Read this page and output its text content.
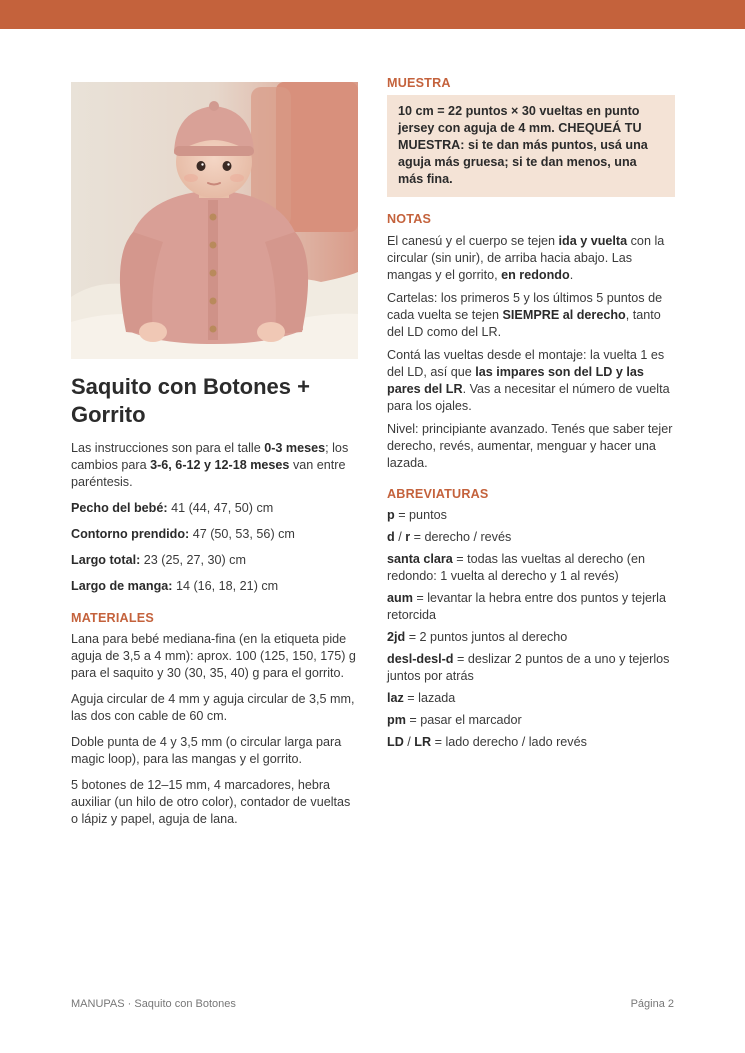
Saquito con Botones + Gorrito

Las instrucciones son para el talle 0-3 meses; los cambios para 3-6, 6-12 y 12-18 meses van entre paréntesis.

Pecho del bebé: 41 (44, 47, 50) cm

Contorno prendido: 47 (50, 53, 56) cm

Largo total: 23 (25, 27, 30) cm

Largo de manga: 14 (16, 18, 21) cm

MATERIALES

Lana para bebé mediana-fina (en la etiqueta pide aguja de 3,5 a 4 mm): aprox. 100 (125, 150, 175) g para el saquito y 30 (30, 35, 40) g para el gorrito.

Aguja circular de 4 mm y aguja circular de 3,5 mm, las dos con cable de 60 cm.

Doble punta de 4 y 3,5 mm (o circular larga para magic loop), para las mangas y el gorrito.

5 botones de 12–15 mm, 4 marcadores, hebra auxiliar (un hilo de otro color), contador de vueltas o lápiz y papel, aguja de lana.

MUESTRA
10 cm = 22 puntos × 30 vueltas en punto jersey con aguja de 4 mm. CHEQUEÁ TU MUESTRA: si te dan más puntos, usá una aguja más gruesa; si te dan menos, una más fina.
NOTAS

El canesú y el cuerpo se tejen ida y vuelta con la circular (sin unir), de arriba hacia abajo. Las mangas y el gorrito, en redondo.

Cartelas: los primeros 5 y los últimos 5 puntos de cada vuelta se tejen SIEMPRE al derecho, tanto del LD como del LR.

Contá las vueltas desde el montaje: la vuelta 1 es del LD, así que las impares son del LD y las pares del LR. Vas a necesitar el número de vuelta para los ojales.

Nivel: principiante avanzado. Tenés que saber tejer derecho, revés, aumentar, menguar y hacer una lazada.

ABREVIATURAS

p = puntos

d / r = derecho / revés

santa clara = todas las vueltas al derecho (en redondo: 1 vuelta al derecho y 1 al revés)

aum = levantar la hebra entre dos puntos y tejerla retorcida

2jd = 2 puntos juntos al derecho

desl-desl-d = deslizar 2 puntos de a uno y tejerlos juntos por atrás

laz = lazada

pm = pasar el marcador

LD / LR = lado derecho / lado revés

MANUPAS · Saquito con Botones	Página 2
